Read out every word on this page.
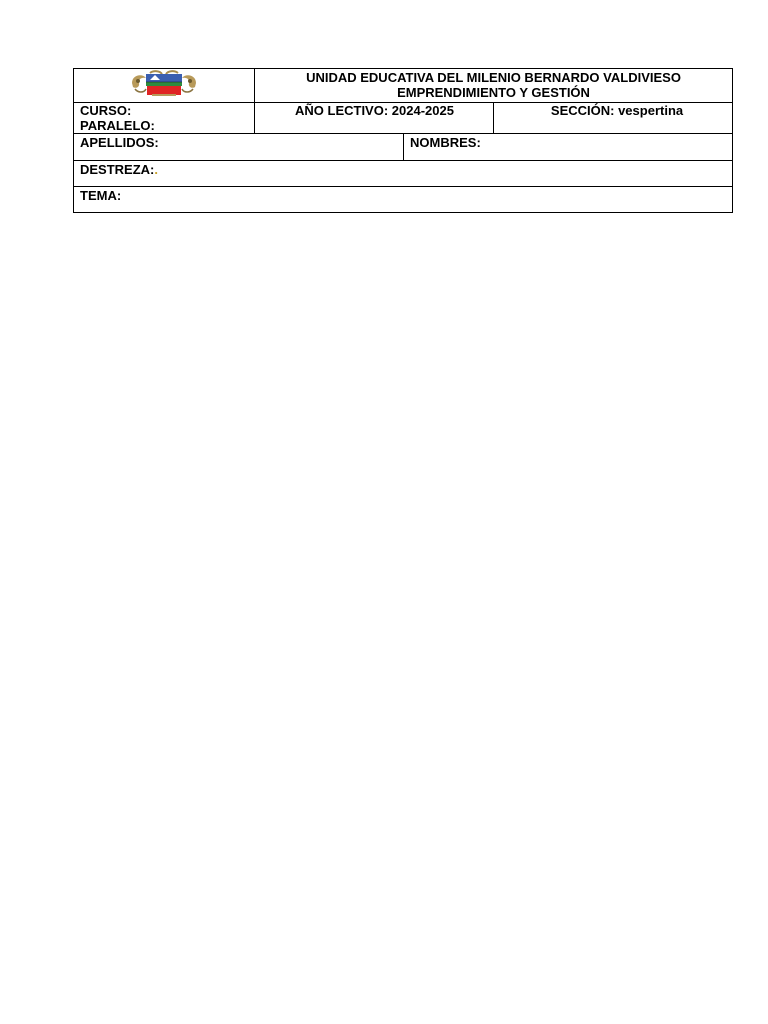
UNIDAD EDUCATIVA DEL MILENIO BERNARDO VALDIVIESO
EMPRENDIMIENTO Y GESTIÓN		

CURSO:
PARALELO:	AÑO LECTIVO: 2024-2025		SECCIÓN: vespertina

APELLIDOS:		NOMBRES:	
DESTREZA:.			
TEMA:			
